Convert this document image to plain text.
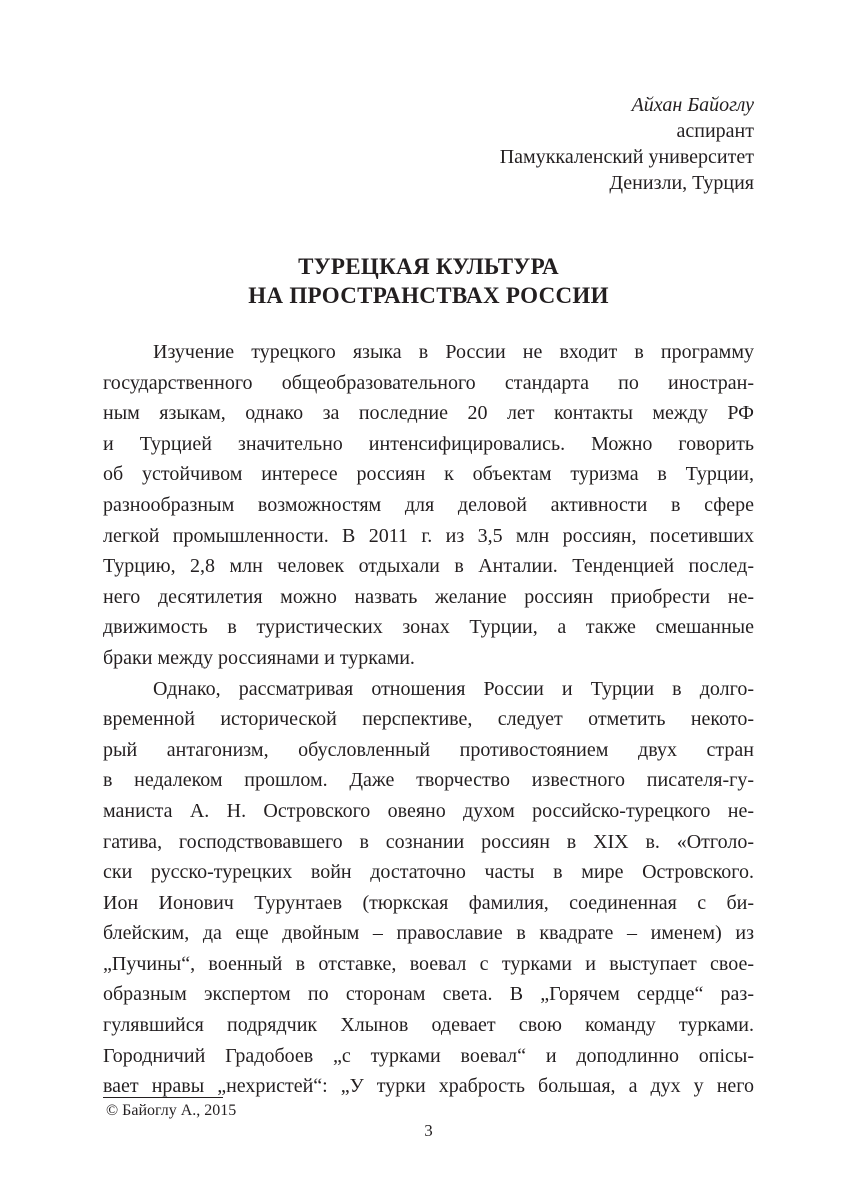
Айхан Байоглу
аспирант
Памуккаленский университет
Денизли, Турция
ТУРЕЦКАЯ КУЛЬТУРА
НА ПРОСТРАНСТВАХ РОССИИ
Изучение турецкого языка в России не входит в программу
государственного общеобразовательного стандарта по иностран-
ным языкам, однако за последние 20 лет контакты между РФ
и Турцией значительно интенсифицировались. Можно говорить
об устойчивом интересе россиян к объектам туризма в Турции,
разнообразным возможностям для деловой активности в сфере
легкой промышленности. В 2011 г. из 3,5 млн россиян, посетивших
Турцию, 2,8 млн человек отдыхали в Анталии. Тенденцией послед-
него десятилетия можно назвать желание россиян приобрести не-
движимость в туристических зонах Турции, а также смешанные
браки между россиянами и турками.
Однако, рассматривая отношения России и Турции в долго-
временной исторической перспективе, следует отметить некото-
рый антагонизм, обусловленный противостоянием двух стран
в недалеком прошлом. Даже творчество известного писателя-гу-
маниста А. Н. Островского овеяно духом российско-турецкого не-
гатива, господствовавшего в сознании россиян в XIX в. «Отголо-
ски русско-турецких войн достаточно часты в мире Островского.
Ион Ионович Турунтаев (тюркская фамилия, соединенная с би-
блейским, да еще двойным – православие в квадрате – именем) из
„Пучины“, военный в отставке, воевал с турками и выступает свое-
образным экспертом по сторонам света. В „Горячем сердце“ раз-
гулявшийся подрядчик Хлынов одевает свою команду турками.
Городничий Градобоев „с турками воевал“ и доподлинно опісы-
вает нравы „нехристей“: „У турки храбрость большая, а дух у него
© Байоглу А., 2015
3
